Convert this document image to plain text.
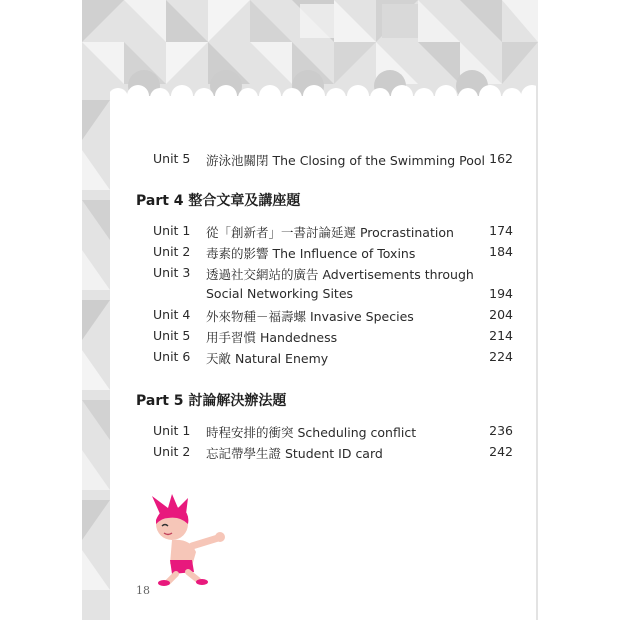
Unit 5 游泳池關閉 The Closing of the Swimming Pool 162
Part 4 整合文章及講座題
Unit 1 從「創新者」一書討論延遲 Procrastination	174
Unit 2 毒素的影響 The Influence of Toxins	184
Unit 3 透過社交網站的廣告 Advertisements through
Social Networking Sites	194
Unit 4 外來物種－福壽螺 Invasive Species	204
Unit 5 用手習慣 Handedness	214
Unit 6 天敵 Natural Enemy	224
Part 5 討論解決辦法題
Unit 1 時程安排的衝突 Scheduling conflict	236
Unit 2 忘記帶學生證 Student ID card	242
18
